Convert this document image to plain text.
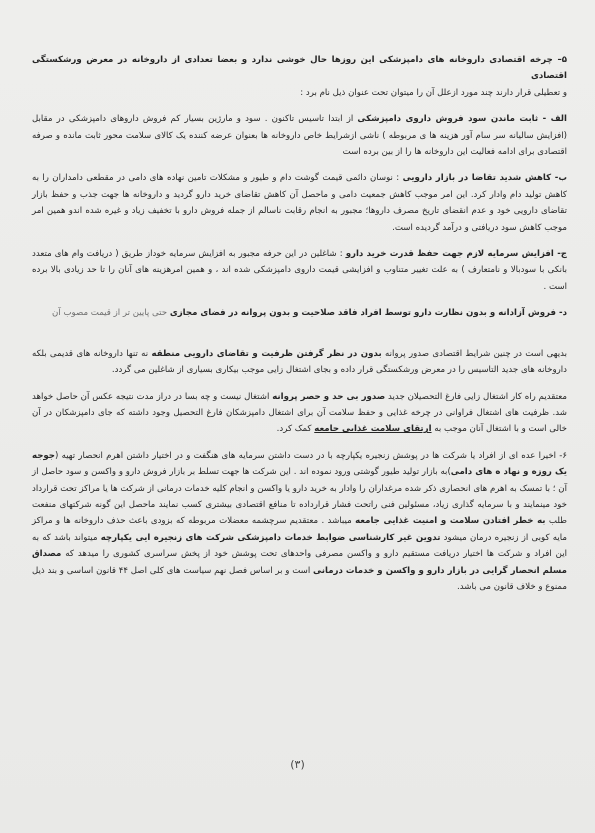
۵– چرخه اقتصادی داروخانه های دامپزشکی این روزها حال خوشی ندارد و بعضا تعدادی از داروخانه در معرض ورشکستگی اقتصادی
و تعطیلی قرار دارند چند مورد ازعلل آن را میتوان تحت عنوان ذیل نام برد :

الف - ثابت ماندن سود فروش داروی دامپزشکی از ابتدا تاسیس تاکنون . سود و مارژین بسیار کم فروش داروهای دامپزشکی در مقابل (افزایش سالیانه سر سام آور هزینه ها ی مربوطه ) ناشی ازشرایط خاص داروخانه ها بعنوان عرضه کننده یک کالای سلامت محور ثابت مانده و صرفه اقتصادی برای ادامه فعالیت این داروخانه ها را از بین برده است

ب- کاهش شدید تقاضا در بازار دارویی : نوسان دائمی قیمت گوشت دام و طیور و مشکلات تامین نهاده های دامی در مقطعی دامداران را به کاهش تولید دام وادار کرد. این امر موجب کاهش جمعیت دامی و ماحصل آن کاهش تقاضای خرید دارو گردید و داروخانه ها جهت جذب و حفظ بازار تقاضای دارویی خود و عدم انقضای تاریخ مصرف داروها؛ مجبور به انجام رقابت ناسالم از جمله فروش دارو با تخفیف زیاد و غیره شده اندو همین امر موجب کاهش سود دریافتی و درآمد گردیده است.

ج- افزایش سرمایه لازم جهت حفظ قدرت خرید دارو : شاغلین در این حرفه مجبور به افزایش سرمایه خوداز طریق ( دریافت وام های متعدد بانکی با سودبالا و نامتعارف ) به علت تغییر متناوب و افزایشی قیمت داروی دامپزشکی شده اند ، و همین امرهزینه های آنان را تا حد زیادی بالا برده است .

د- فروش آزادانه و بدون نظارت دارو توسط افراد فاقد صلاحیت و بدون پروانه در فضای مجازی حتی پایین تر از قیمت مصوب آن

بدیهی است در چنین شرایط اقتصادی صدور پروانه بدون در نظر گرفتن ظرفیت و تقاضای دارویی منطقه نه تنها داروخانه های قدیمی بلکه داروخانه های جدید التاسیس را در معرض ورشکستگی قرار داده و بجای اشتغال زایی موجب بیکاری بسیاری از شاغلین می گردد.

معتقدیم راه کار اشتغال زایی فارغ التحصیلان جدید صدور بی حد و حصر پروانه اشتغال نیست و چه بسا در دراز مدت نتیجه عکس آن حاصل خواهد شد. ظرفیت های اشتغال فراوانی در چرخه غذایی و حفظ سلامت آن برای اشتغال دامپزشکان فارغ التحصیل وجود داشته که جای دامپزشکان در آن خالی است و با اشتغال آنان موجب به ارتقای سلامت غذایی جامعه کمک کرد.

۶- اخیرا عده ای از افراد یا شرکت ها در پوشش زنجیره یکپارچه با در دست داشتن سرمایه های هنگفت و در اختیار داشتن اهرم انحصار تهیه (جوجه یک روزه و نهاد ه های دامی)به بازار تولید طیور گوشتی ورود نموده اند . این شرکت ها جهت تسلط بر بازار فروش دارو و واکسن و سود حاصل از آن ؛ با تمسک به اهرم های انحصاری ذکر شده مرغداران را وادار به خرید دارو یا واکسن و انجام کلیه خدمات درمانی از شرکت ها یا مراکز تحت قرارداد خود مینمایند و با سرمایه گذاری زیاد، مسئولین فنی راتحت فشار قرارداده تا منافع اقتصادی بیشتری کسب نمایند ماحصل این گونه شرکتهای منفعت طلب به خطر افتادن سلامت و امنیت غذایی جامعه میباشد . معتقدیم سرچشمه معضلات مربوطه که بزودی باعث حذف داروخانه ها و مراکز مایه کوبی از زنجیره درمان میشود تدوین غیر کارشناسی ضوابط خدمات دامپزشکی شرکت های زنجیره ایی یکپارچه میتواند باشد که به این افراد و شرکت ها اختیار دریافت مستقیم دارو و واکسن مصرفی واحدهای تحت پوشش خود از پخش سراسری کشوری را میدهد که مصداق مسلم انحصار گرایی در بازار دارو و واکسن و خدمات درمانی است و بر اساس فصل نهم سیاست های کلی اصل ۴۴ قانون اساسی و بند ذیل ممنوع و خلاف قانون می باشد.

(۳)
